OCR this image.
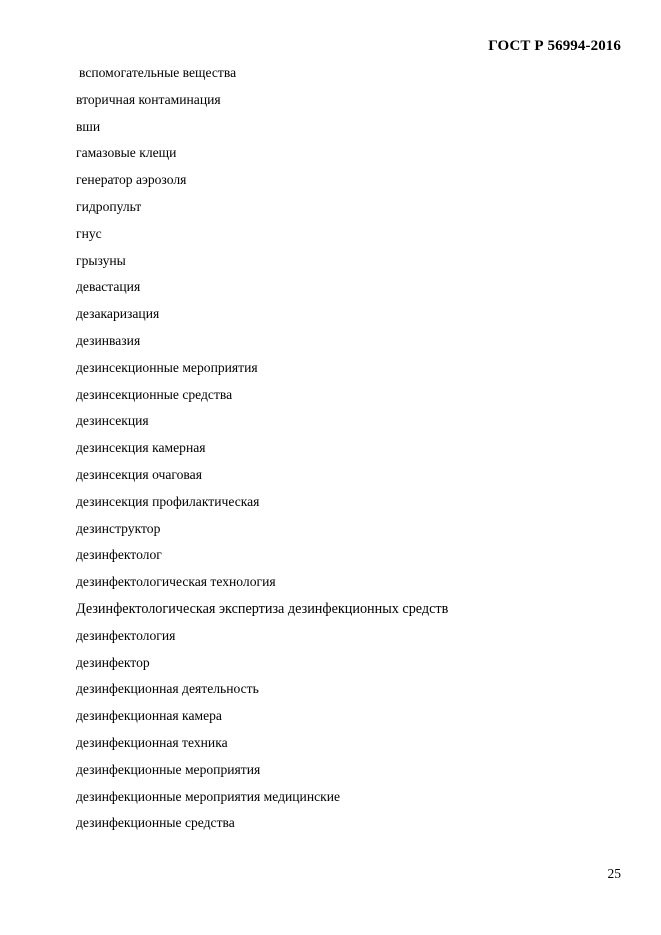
ГОСТ Р 56994-2016
вспомогательные вещества
вторичная контаминация
вши
гамазовые клещи
генератор аэрозоля
гидропульт
гнус
грызуны
девастация
дезакаризация
дезинвазия
дезинсекционные мероприятия
дезинсекционные средства
дезинсекция
дезинсекция камерная
дезинсекция очаговая
дезинсекция профилактическая
дезинструктор
дезинфектолог
дезинфектологическая технология
Дезинфектологическая экспертиза дезинфекционных средств
дезинфектология
дезинфектор
дезинфекционная деятельность
дезинфекционная камера
дезинфекционная техника
дезинфекционные мероприятия
дезинфекционные мероприятия медицинские
дезинфекционные средства
25
